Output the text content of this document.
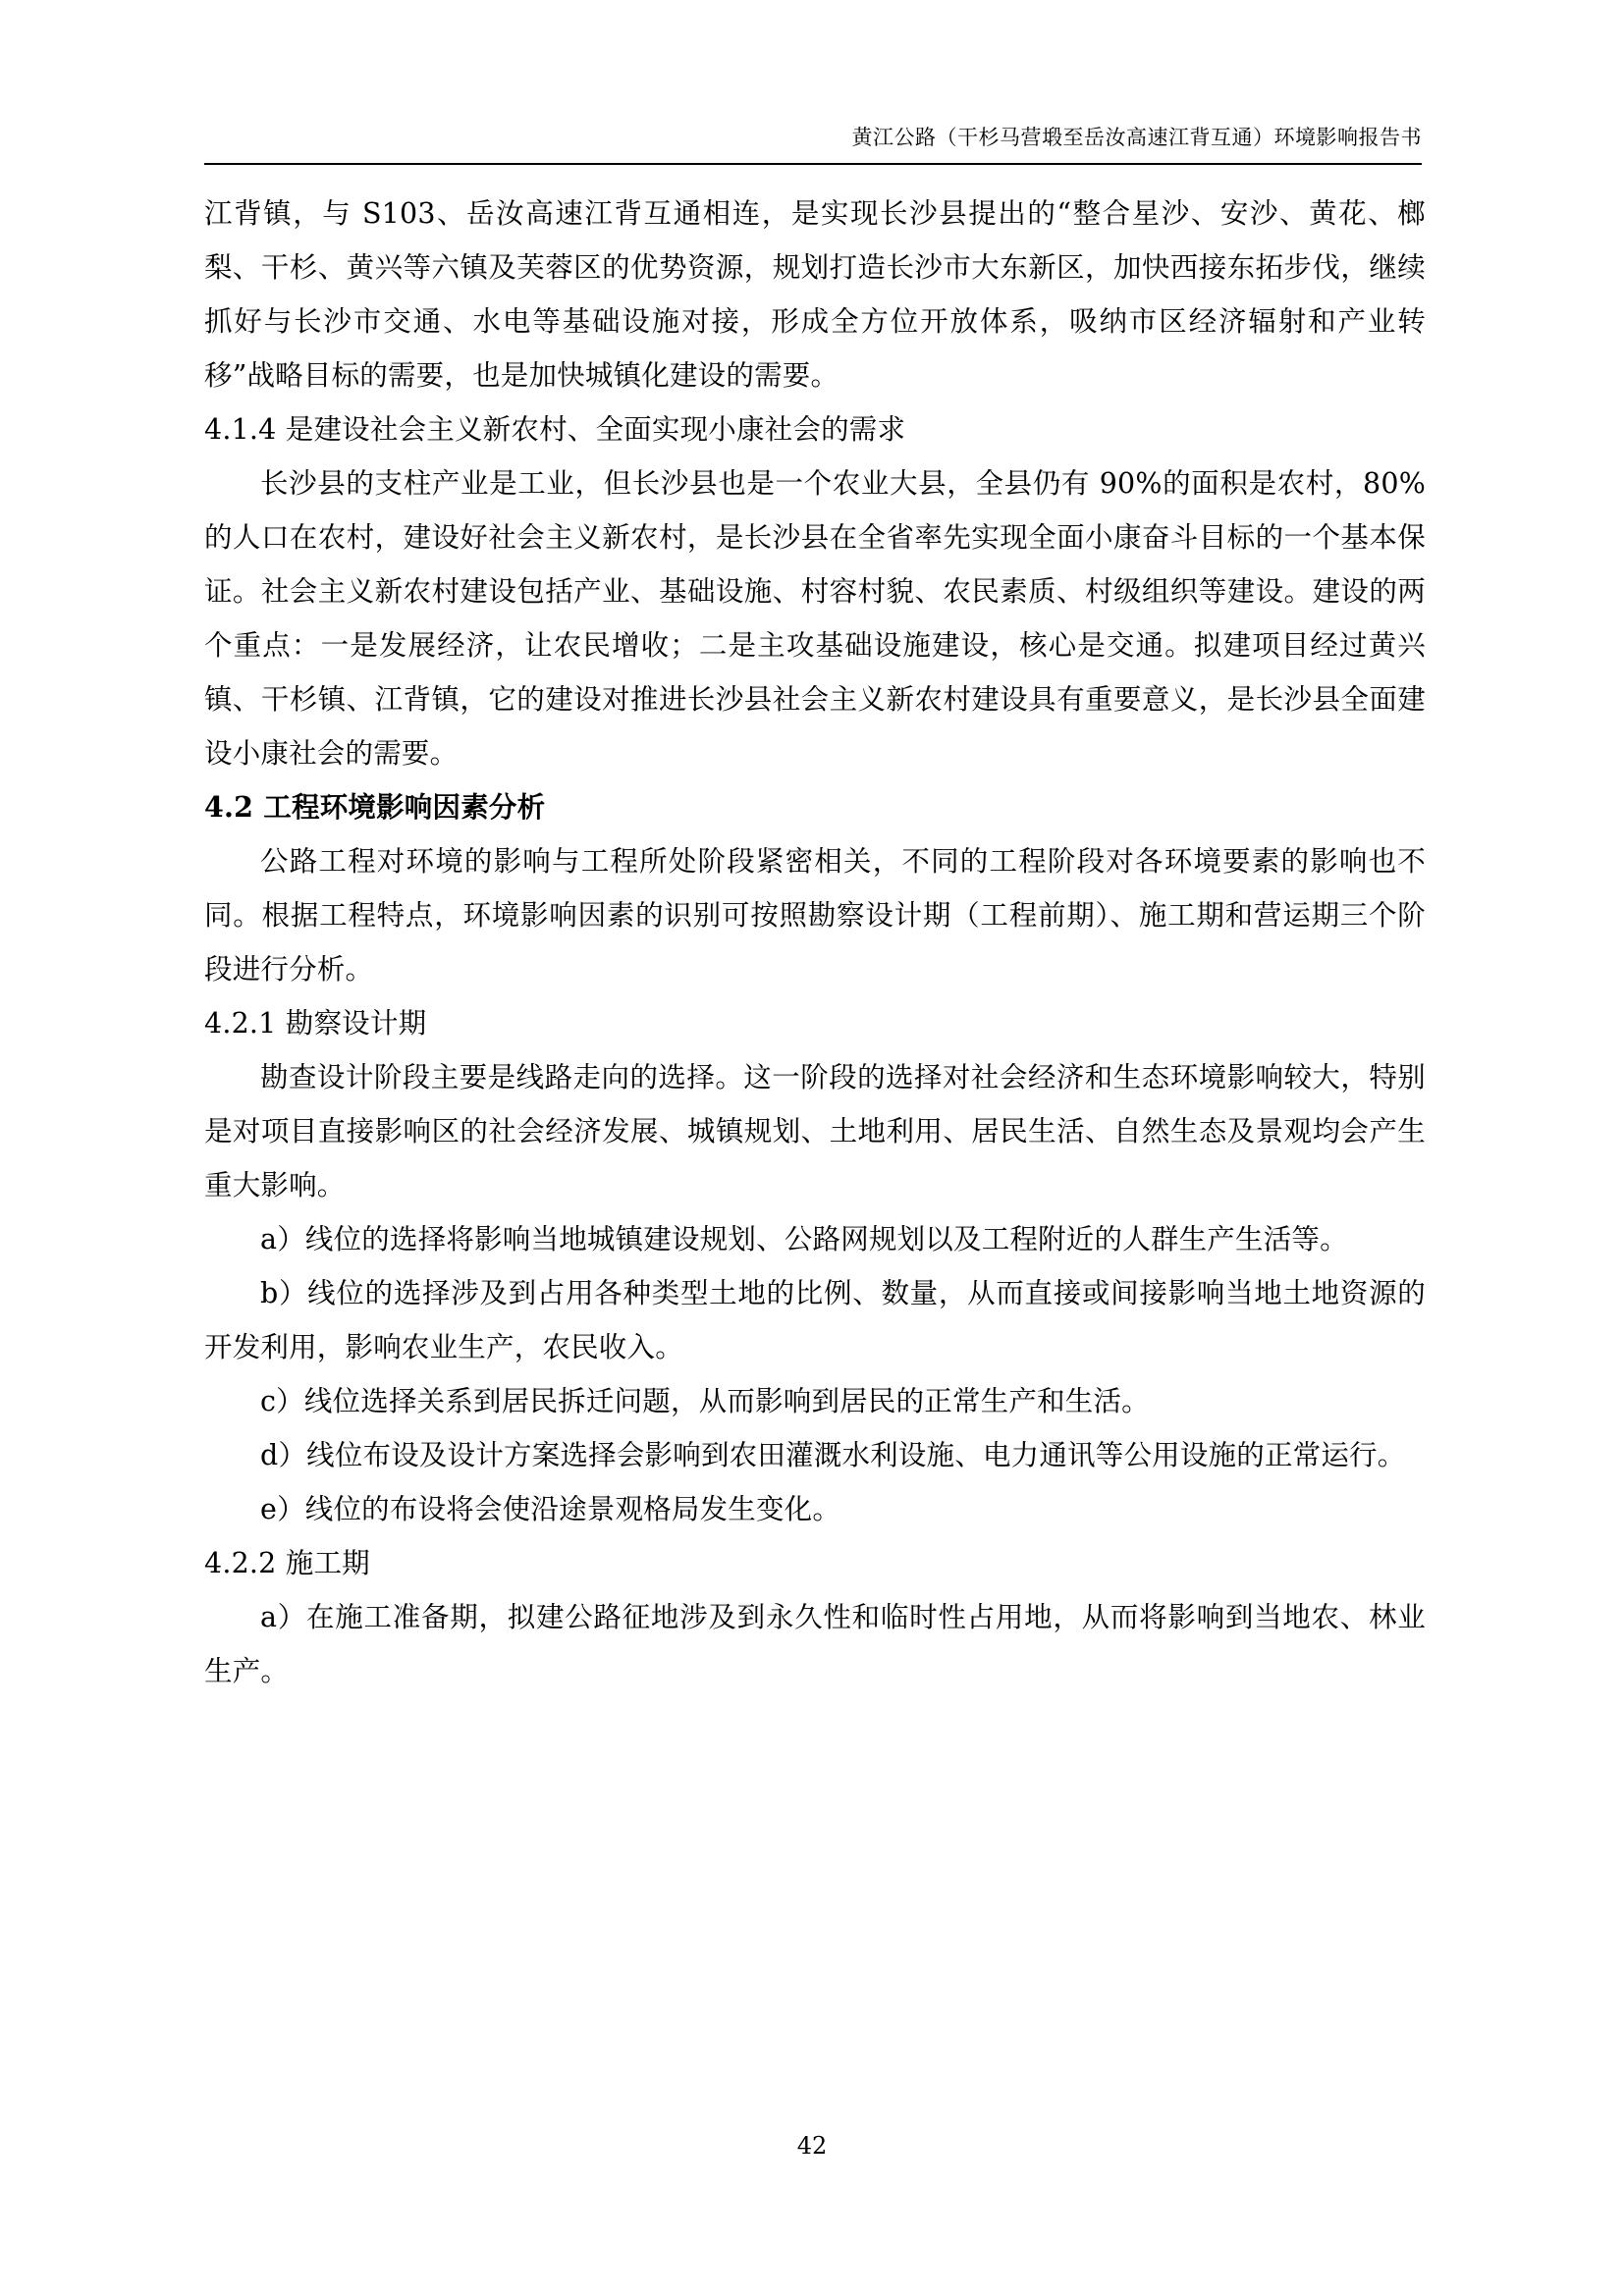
黄江公路（干杉马营塅至岳汝高速江背互通）环境影响报告书

江背镇，与 S103、岳汝高速江背互通相连，是实现长沙县提出的“整合星沙、安沙、黄花、榔梨、干杉、黄兴等六镇及芙蓉区的优势资源，规划打造长沙市大东新区，加快西接东拓步伐，继续抓好与长沙市交通、水电等基础设施对接，形成全方位开放体系，吸纳市区经济辐射和产业转移”战略目标的需要，也是加快城镇化建设的需要。

4.1.4 是建设社会主义新农村、全面实现小康社会的需求

长沙县的支柱产业是工业，但长沙县也是一个农业大县，全县仍有 90%的面积是农村，80%的人口在农村，建设好社会主义新农村，是长沙县在全省率先实现全面小康奋斗目标的一个基本保证。社会主义新农村建设包括产业、基础设施、村容村貌、农民素质、村级组织等建设。建设的两个重点：一是发展经济，让农民增收；二是主攻基础设施建设，核心是交通。拟建项目经过黄兴镇、干杉镇、江背镇，它的建设对推进长沙县社会主义新农村建设具有重要意义，是长沙县全面建设小康社会的需要。

4.2 工程环境影响因素分析

公路工程对环境的影响与工程所处阶段紧密相关，不同的工程阶段对各环境要素的影响也不同。根据工程特点，环境影响因素的识别可按照勘察设计期（工程前期）、施工期和营运期三个阶段进行分析。

4.2.1 勘察设计期

勘查设计阶段主要是线路走向的选择。这一阶段的选择对社会经济和生态环境影响较大，特别是对项目直接影响区的社会经济发展、城镇规划、土地利用、居民生活、自然生态及景观均会产生重大影响。

a）线位的选择将影响当地城镇建设规划、公路网规划以及工程附近的人群生产生活等。

b）线位的选择涉及到占用各种类型土地的比例、数量，从而直接或间接影响当地土地资源的开发利用，影响农业生产，农民收入。

c）线位选择关系到居民拆迁问题，从而影响到居民的正常生产和生活。

d）线位布设及设计方案选择会影响到农田灌溉水利设施、电力通讯等公用设施的正常运行。

e）线位的布设将会使沿途景观格局发生变化。

4.2.2 施工期

a）在施工准备期，拟建公路征地涉及到永久性和临时性占用地，从而将影响到当地农、林业生产。

42
